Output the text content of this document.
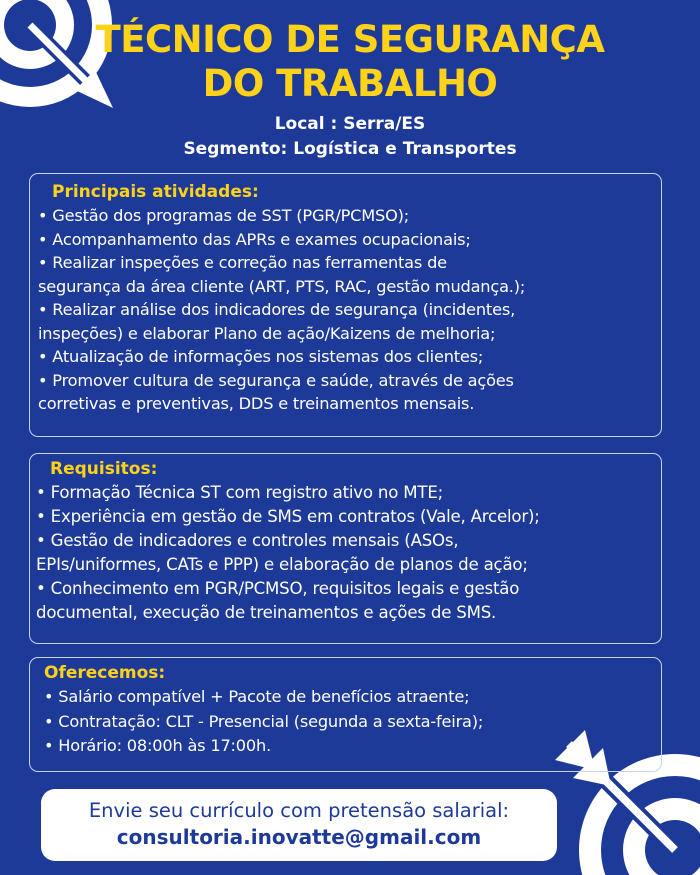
TÉCNICO DE SEGURANÇA
DO TRABALHO
Local : Serra/ES
Segmento: Logística e Transportes
Principais atividades:
• Gestão dos programas de SST (PGR/PCMSO);
• Acompanhamento das APRs e exames ocupacionais;
• Realizar inspeções e correção nas ferramentas de
segurança da área cliente (ART, PTS, RAC, gestão mudança.);
• Realizar análise dos indicadores de segurança (incidentes,
inspeções) e elaborar Plano de ação/Kaizens de melhoria;
• Atualização de informações nos sistemas dos clientes;
• Promover cultura de segurança e saúde, através de ações
corretivas e preventivas, DDS e treinamentos mensais.
Requisitos:
• Formação Técnica ST com registro ativo no MTE;
• Experiência em gestão de SMS em contratos (Vale, Arcelor);
• Gestão de indicadores e controles mensais (ASOs,
EPIs/uniformes, CATs e PPP) e elaboração de planos de ação;
• Conhecimento em PGR/PCMSO, requisitos legais e gestão
documental, execução de treinamentos e ações de SMS.
Oferecemos:
• Salário compatível + Pacote de benefícios atraente;
• Contratação: CLT - Presencial (segunda a sexta-feira);
• Horário: 08:00h às 17:00h.
Envie seu currículo com pretensão salarial:
consultoria.inovatte@gmail.com
